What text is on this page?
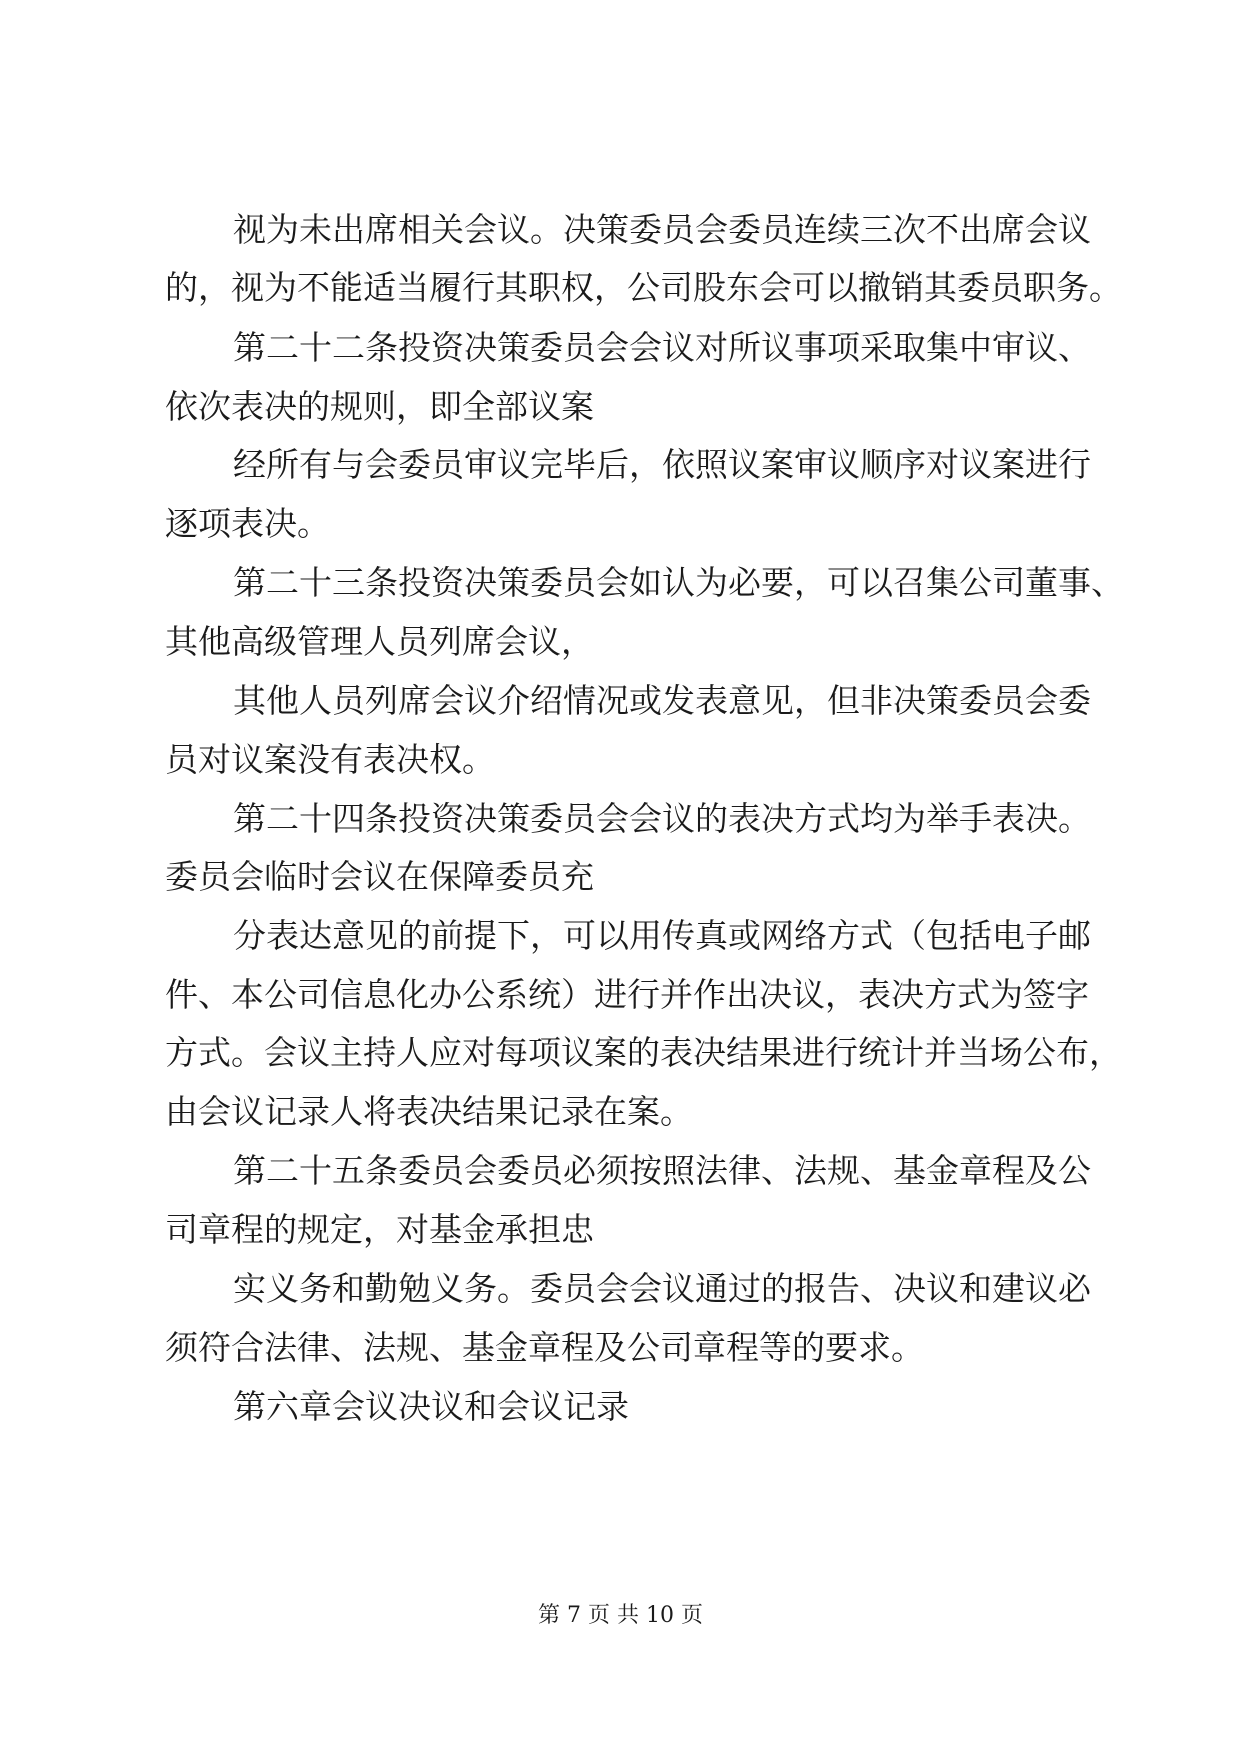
视为未出席相关会议。决策委员会委员连续三次不出席会议
的，视为不能适当履行其职权，公司股东会可以撤销其委员职务。
第二十二条投资决策委员会会议对所议事项采取集中审议、
依次表决的规则，即全部议案
经所有与会委员审议完毕后，依照议案审议顺序对议案进行
逐项表决。
第二十三条投资决策委员会如认为必要，可以召集公司董事、
其他高级管理人员列席会议，
其他人员列席会议介绍情况或发表意见，但非决策委员会委
员对议案没有表决权。
第二十四条投资决策委员会会议的表决方式均为举手表决。
委员会临时会议在保障委员充
分表达意见的前提下，可以用传真或网络方式（包括电子邮
件、本公司信息化办公系统）进行并作出决议，表决方式为签字
方式。会议主持人应对每项议案的表决结果进行统计并当场公布，
由会议记录人将表决结果记录在案。
第二十五条委员会委员必须按照法律、法规、基金章程及公
司章程的规定，对基金承担忠
实义务和勤勉义务。委员会会议通过的报告、决议和建议必
须符合法律、法规、基金章程及公司章程等的要求。
第六章会议决议和会议记录
第 7 页 共 10 页
